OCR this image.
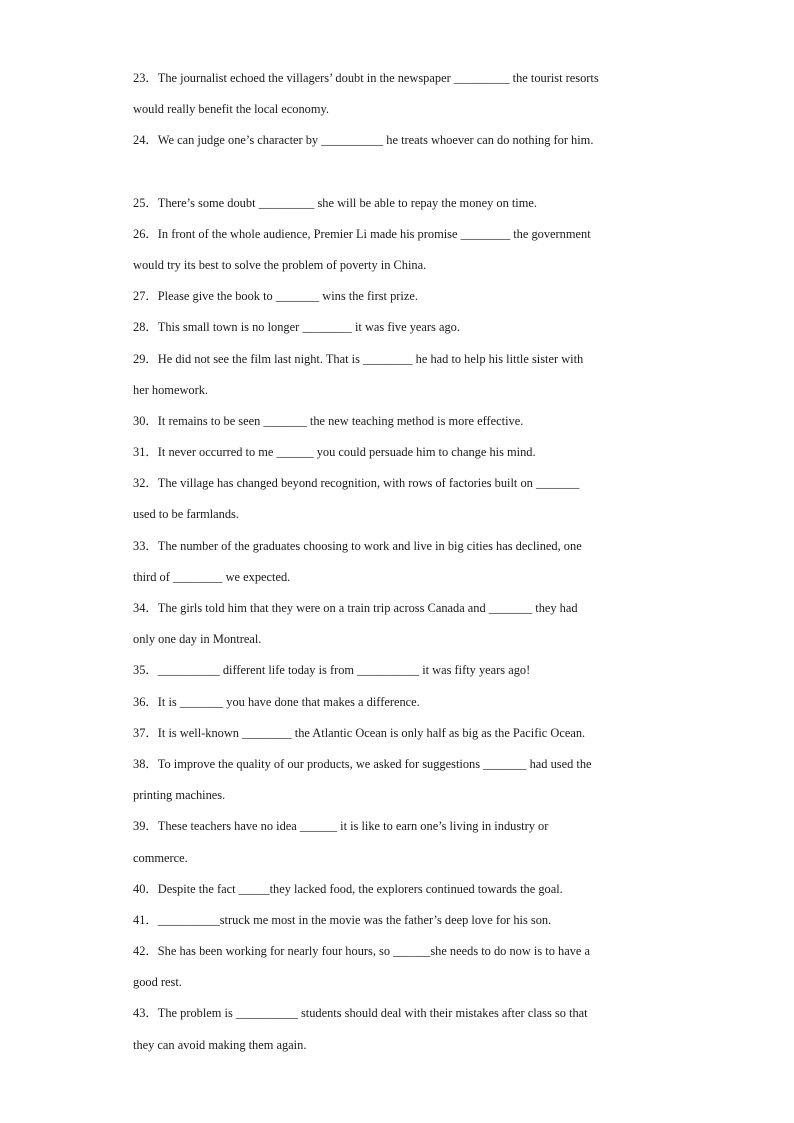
23．The journalist echoed the villagers’ doubt in the newspaper _________ the tourist resorts
would really benefit the local economy.
24．We can judge one’s character by __________ he treats whoever can do nothing for him.
25．There’s some doubt _________ she will be able to repay the money on time.
26．In front of the whole audience, Premier Li made his promise ________ the government
would try its best to solve the problem of poverty in China.
27．Please give the book to _______ wins the first prize.
28．This small town is no longer ________ it was five years ago.
29．He did not see the film last night. That is ________ he had to help his little sister with
her homework.
30．It remains to be seen _______ the new teaching method is more effective.
31．It never occurred to me ______ you could persuade him to change his mind.
32．The village has changed beyond recognition, with rows of factories built on _______
used to be farmlands.
33．The number of the graduates choosing to work and live in big cities has declined, one
third of ________ we expected.
34．The girls told him that they were on a train trip across Canada and _______ they had
only one day in Montreal.
35．__________ different life today is from __________ it was fifty years ago!
36．It is _______ you have done that makes a difference.
37．It is well-known ________ the Atlantic Ocean is only half as big as the Pacific Ocean.
38．To improve the quality of our products, we asked for suggestions _______ had used the
printing machines.
39．These teachers have no idea ______ it is like to earn one’s living in industry or
commerce.
40．Despite the fact _____they lacked food, the explorers continued towards the goal.
41．__________struck me most in the movie was the father’s deep love for his son.
42．She has been working for nearly four hours, so ______she needs to do now is to have a
good rest.
43．The problem is __________ students should deal with their mistakes after class so that
they can avoid making them again.
